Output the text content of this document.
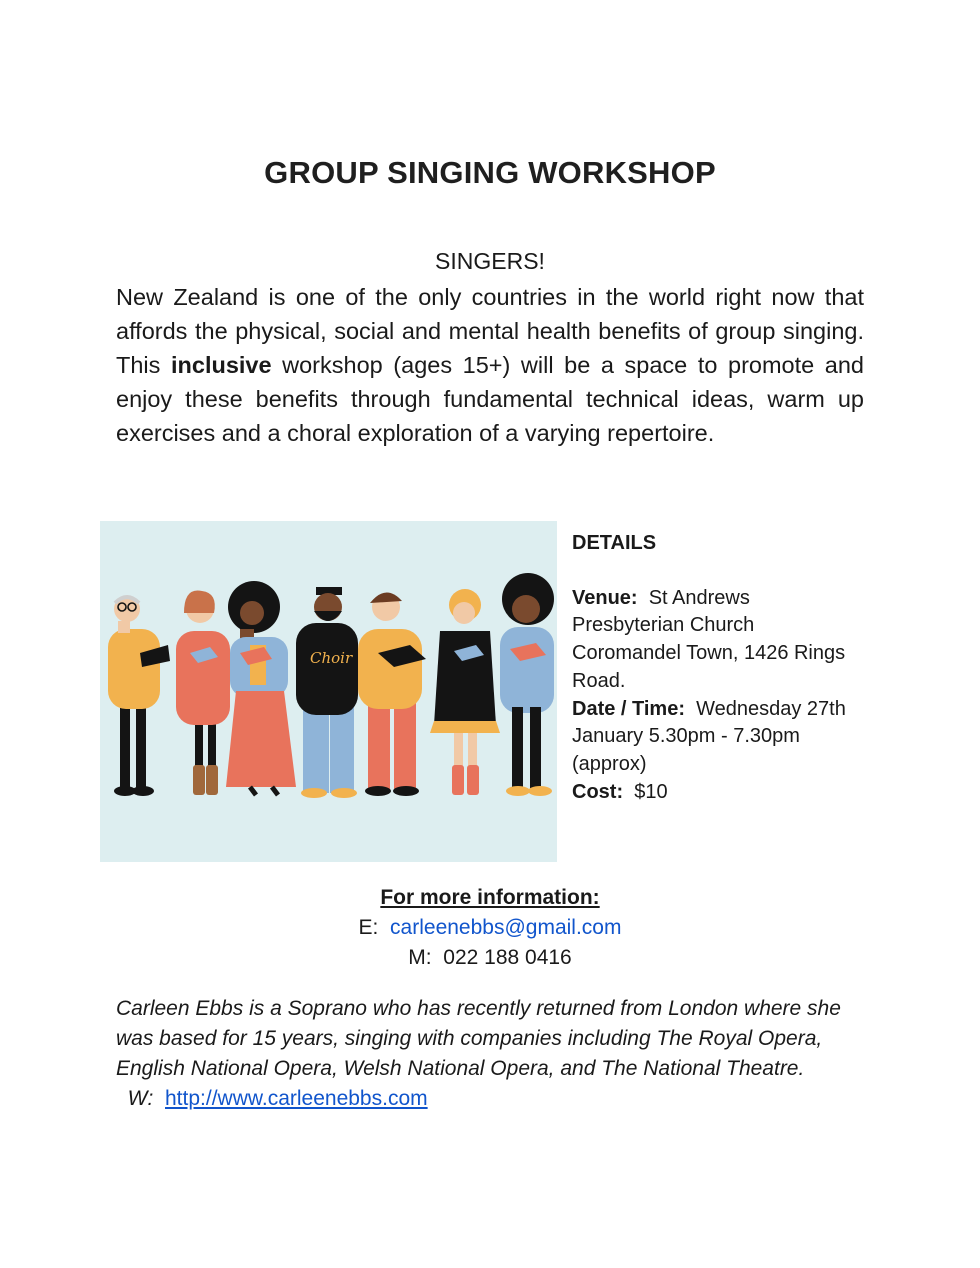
GROUP SINGING WORKSHOP
SINGERS!
New Zealand is one of the only countries in the world right now that affords the physical, social and mental health benefits of group singing. This inclusive workshop (ages 15+) will be a space to promote and enjoy these benefits through fundamental technical ideas, warm up exercises and a choral exploration of a varying repertoire.
Choir
DETAILS
Venue:  St Andrews
Presbyterian Church
Coromandel Town, 1426 Rings
Road.
Date / Time:  Wednesday 27th
January 5.30pm - 7.30pm
(approx)
Cost:  $10
For more information:
E:  carleenebbs@gmail.com
M:  022 188 0416
Carleen Ebbs is a Soprano who has recently returned from London where she was based for 15 years, singing with companies including The Royal Opera, English National Opera, Welsh National Opera, and The National Theatre.  W:  http://www.carleenebbs.com
